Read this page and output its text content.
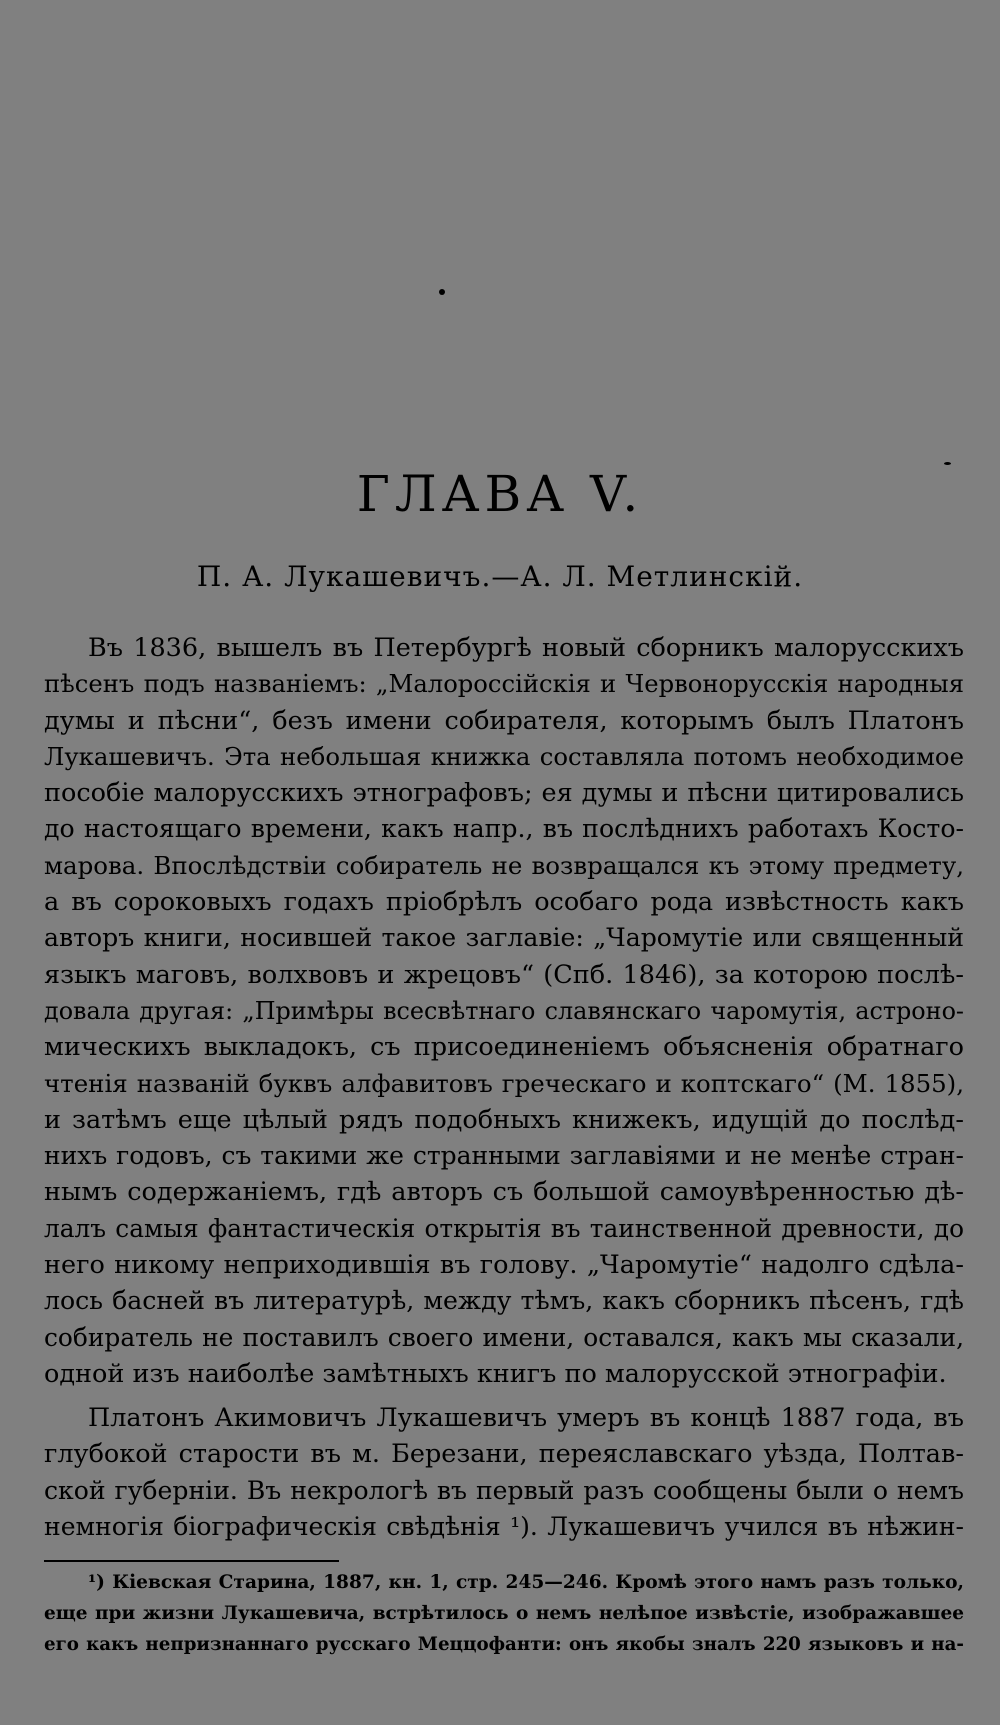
ГЛАВА V.
П. А. Лукашевичъ.—А. Л. Метлинскій.
Въ 1836, вышелъ въ Петербургѣ новый сборникъ малорусскихъ
пѣсенъ подъ названіемъ: „Малороссійскія и Червонорусскія народныя
думы и пѣсни“, безъ имени собирателя, которымъ былъ Платонъ
Лукашевичъ. Эта небольшая книжка составляла потомъ необходимое
пособіе малорусскихъ этнографовъ; ея думы и пѣсни цитировались
до настоящаго времени, какъ напр., въ послѣднихъ работахъ Косто-
марова. Впослѣдствіи собиратель не возвращался къ этому предмету,
а въ сороковыхъ годахъ пріобрѣлъ особаго рода извѣстность какъ
авторъ книги, носившей такое заглавіе: „Чаромутіе или священный
языкъ маговъ, волхвовъ и жрецовъ“ (Спб. 1846), за которою послѣ-
довала другая: „Примѣры всесвѣтнаго славянскаго чаромутія, астроно-
мическихъ выкладокъ, съ присоединеніемъ объясненія обратнаго
чтенія названій буквъ алфавитовъ греческаго и коптскаго“ (М. 1855),
и затѣмъ еще цѣлый рядъ подобныхъ книжекъ, идущій до послѣд-
нихъ годовъ, съ такими же странными заглавіями и не менѣе стран-
нымъ содержаніемъ, гдѣ авторъ съ большой самоувѣренностью дѣ-
лалъ самыя фантастическія открытія въ таинственной древности, до
него никому неприходившія въ голову. „Чаромутіе“ надолго сдѣла-
лось басней въ литературѣ, между тѣмъ, какъ сборникъ пѣсенъ, гдѣ
собиратель не поставилъ своего имени, оставался, какъ мы сказали,
одной изъ наиболѣе замѣтныхъ книгъ по малорусской этнографіи.
Платонъ Акимовичъ Лукашевичъ умеръ въ концѣ 1887 года, въ
глубокой старости въ м. Березани, переяславскаго уѣзда, Полтав-
ской губерніи. Въ некрологѣ въ первый разъ сообщены были о немъ
немногія біографическія свѣдѣнія ¹). Лукашевичъ учился въ нѣжин-
¹) Кіевская Старина, 1887, кн. 1, стр. 245—246. Кромѣ этого намъ разъ только,
еще при жизни Лукашевича, встрѣтилось о немъ нелѣпое извѣстіе, изображавшее
его какъ непризнаннаго русскаго Меццофанти: онъ якобы зналъ 220 языковъ и на-
